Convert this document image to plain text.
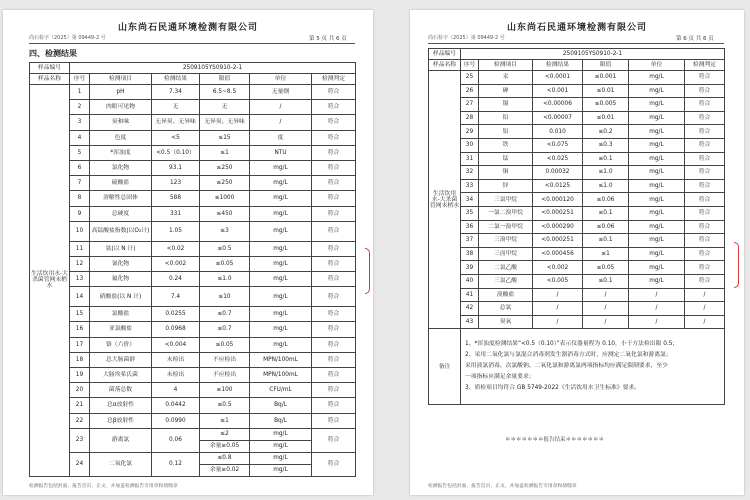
山东尚石民通环境检测有限公司
尚石检字（2025）第 09449-2 号	第 5 页 共 6 页
四、检测结果
样品编号	2509105YS0910-2-1					
样品名称	序号	检测项目	检测结果	限值	单位	检测判定
生活饮用水-大杀菌管网末梢水	1	pH	7.34	6.5~8.5	无量纲	符合
	2	肉眼可见物	无	无	/	符合
	3	臭和味	无异臭、无异味	无异臭、无异味	/	符合
	4	色度	<5	≤15	度	符合
	5	*浑浊度	<0.5（0.10）	≤1	NTU	符合
	6	氯化物	93.1	≤250	mg/L	符合
	7	硫酸盐	123	≤250	mg/L	符合
	8	溶解性总固体	588	≤1000	mg/L	符合
	9	总硬度	331	≤450	mg/L	符合
	10	高锰酸盐指数(以O₂计)	1.05	≤3	mg/L	符合
	11	氨(以 N 计)	<0.02	≤0.5	mg/L	符合
	12	氰化物	<0.002	≤0.05	mg/L	符合
	13	氟化物	0.24	≤1.0	mg/L	符合
	14	硝酸盐(以 N 计)	7.4	≤10	mg/L	符合
	15	氯酸盐	0.0255	≤0.7	mg/L	符合
	16	亚氯酸盐	0.0968	≤0.7	mg/L	符合
	17	铬（六价）	<0.004	≤0.05	mg/L	符合
	18	总大肠菌群	未检出	不应检出	MPN/100mL	符合
	19	大肠埃希氏菌	未检出	不应检出	MPN/100mL	符合
	20	菌落总数	4	≤100	CFU/mL	符合
	21	总α放射性	0.0442	≤0.5	Bq/L	符合
	22	总β放射性	0.0990	≤1	Bq/L	符合
	23	游离氯	0.06	≤2	mg/L	符合
				余量≥0.05	mg/L	
	24	二氧化氯	0.12	≤0.8	mg/L	符合
				余量≥0.02	mg/L	
检测报告包括封面、报告首页、正文、并加盖检测报告专用章和骑缝章
山东尚石民通环境检测有限公司
尚石检字（2025）第 09449-2 号	第 6 页 共 6 页
样品编号	2509105YS0910-2-1					
样品名称	序号	检测项目	检测结果	限值	单位	检测判定
生活饮用水-大杀菌管网末梢水	25	汞	<0.0001	≤0.001	mg/L	符合
	26	砷	<0.001	≤0.01	mg/L	符合
	27	镉	<0.00006	≤0.005	mg/L	符合
	28	铅	<0.00007	≤0.01	mg/L	符合
	29	铝	0.010	≤0.2	mg/L	符合
	30	铁	<0.075	≤0.3	mg/L	符合
	31	锰	<0.025	≤0.1	mg/L	符合
	32	铜	0.00032	≤1.0	mg/L	符合
	33	锌	<0.0125	≤1.0	mg/L	符合
	34	三氯甲烷	<0.000120	≤0.06	mg/L	符合
	35	一氯二溴甲烷	<0.000251	≤0.1	mg/L	符合
	36	二氯一溴甲烷	<0.000290	≤0.06	mg/L	符合
	37	三溴甲烷	<0.000251	≤0.1	mg/L	符合
	38	三卤甲烷	<0.000456	≤1	mg/L	符合
	39	二氯乙酸	<0.002	≤0.05	mg/L	符合
	40	三氯乙酸	<0.005	≤0.1	mg/L	符合
	41	溴酸盐	/	/	/	/
	42	总氯	/	/	/	/
	43	臭氧	/	/	/	/
备注	1、*浑浊度检测结果“<0.5（0.10）”表示仪器量程为 0.10，小于方法检出限 0.5；
2、采用二氧化氯与氯混合消毒剂发生器消毒方式时，应测定二氧化氯和游离氯；
采用液氯消毒、次氯酸钠、二氧化氯和游离氯两项指标均应满足限制要求，至少
一项指标应满足余量要求；
3、质检项目均符合 GB 5749-2022《生活饮用水卫生标准》要求。					
＊＊＊＊＊＊＊报告结束＊＊＊＊＊＊＊
检测报告包括封面、报告首页、正文、并加盖检测报告专用章和骑缝章
